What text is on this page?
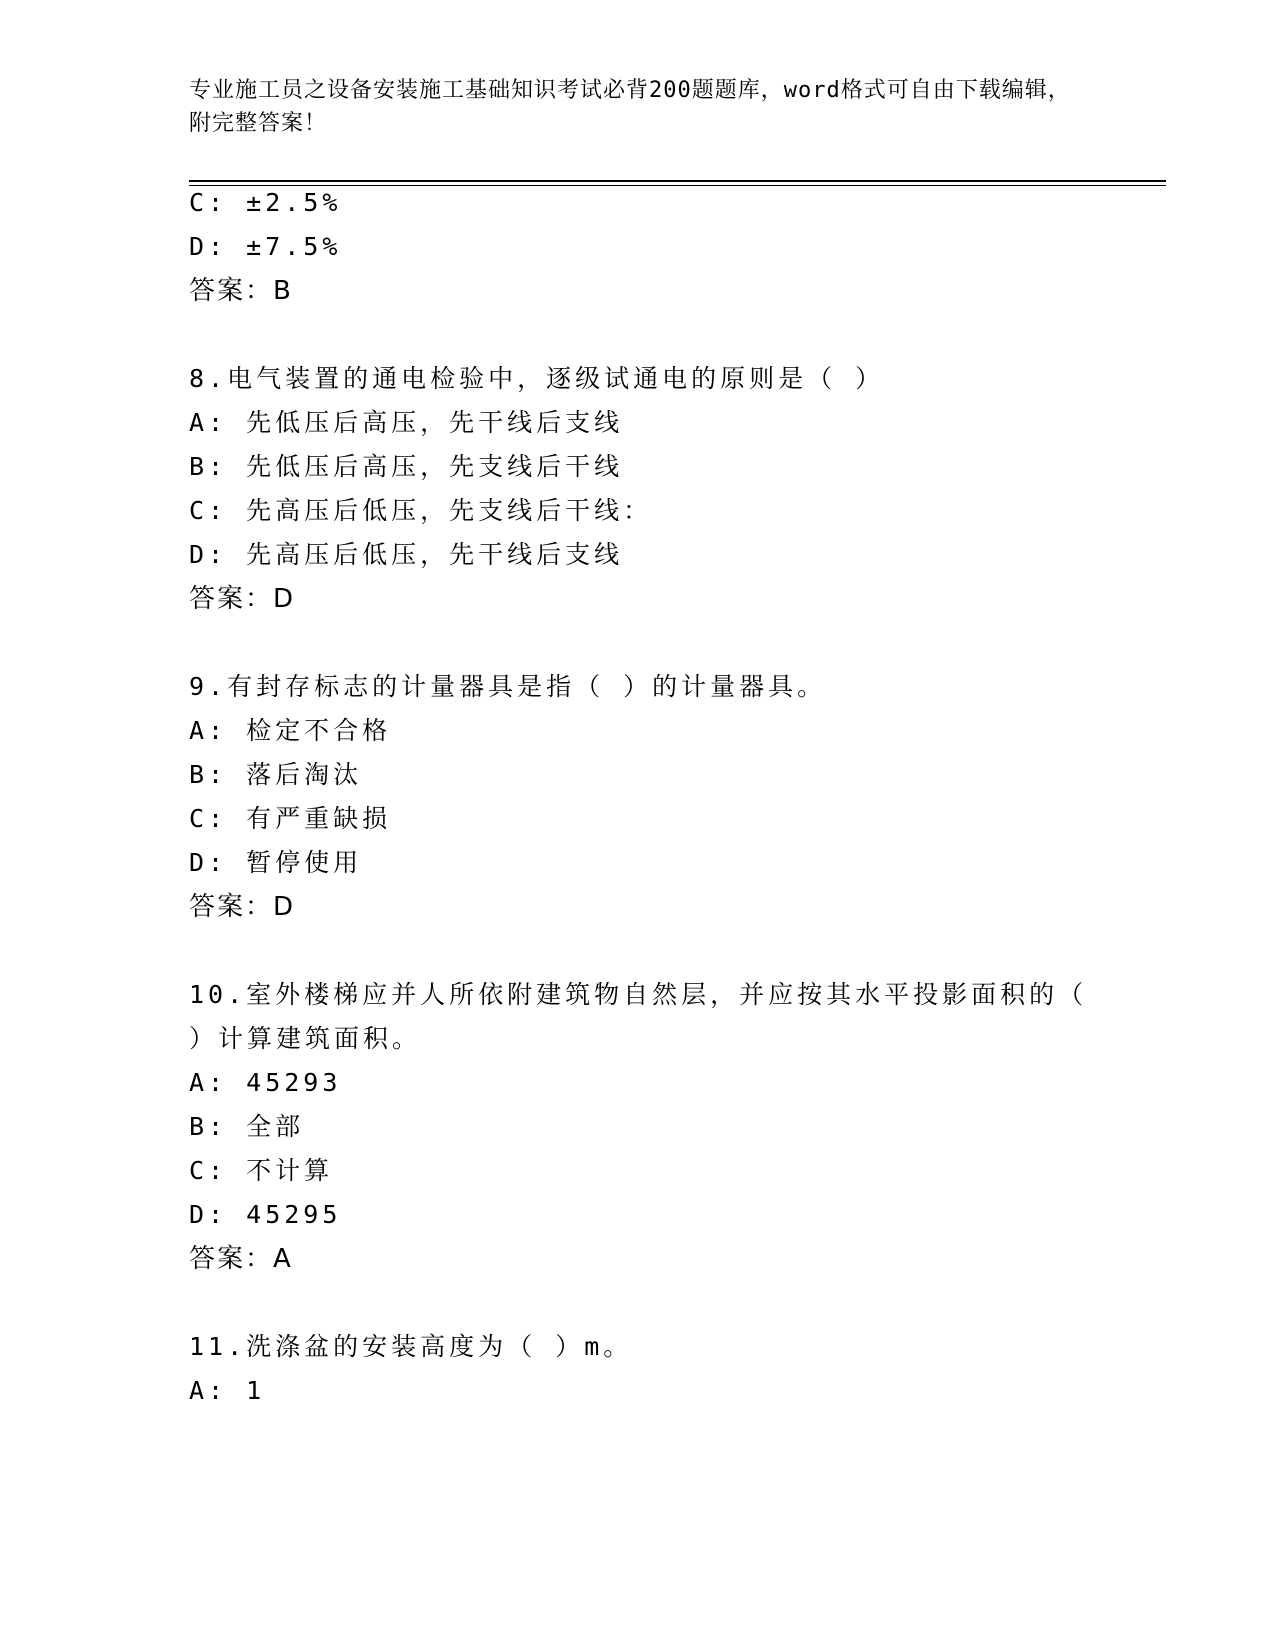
专业施工员之设备安装施工基础知识考试必背200题题库，word格式可自由下载编辑，附完整答案！
C: ±2.5%
D: ±7.5%
答案：B
8.电气装置的通电检验中，逐级试通电的原则是（ ）
A: 先低压后高压，先干线后支线
B: 先低压后高压，先支线后干线
C: 先高压后低压，先支线后干线：
D: 先高压后低压，先干线后支线
答案：D
9.有封存标志的计量器具是指（ ）的计量器具。
A: 检定不合格
B: 落后淘汰
C: 有严重缺损
D: 暂停使用
答案：D
10.室外楼梯应并人所依附建筑物自然层，并应按其水平投影面积的（
）计算建筑面积。
A: 45293
B: 全部
C: 不计算
D: 45295
答案：A
11.洗涤盆的安装高度为（ ）m。
A: 1
